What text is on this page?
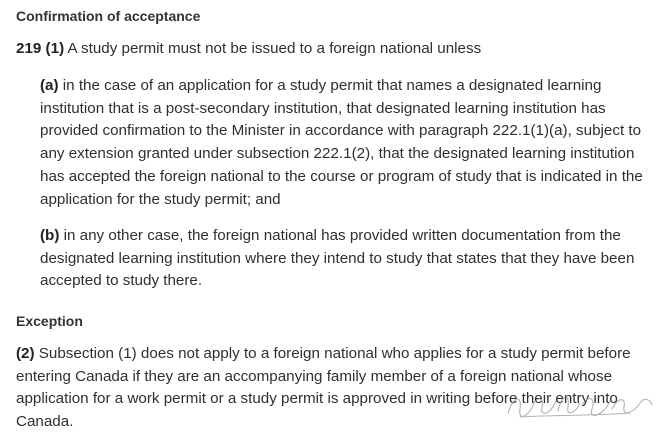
Confirmation of acceptance

219 (1) A study permit must not be issued to a foreign national unless

(a) in the case of an application for a study permit that names a designated learning institution that is a post-secondary institution, that designated learning institution has provided confirmation to the Minister in accordance with paragraph 222.1(1)(a), subject to any extension granted under subsection 222.1(2), that the designated learning institution has accepted the foreign national to the course or program of study that is indicated in the application for the study permit; and

(b) in any other case, the foreign national has provided written documentation from the designated learning institution where they intend to study that states that they have been accepted to study there.

Exception

(2) Subsection (1) does not apply to a foreign national who applies for a study permit before entering Canada if they are an accompanying family member of a foreign national whose application for a work permit or a study permit is approved in writing before their entry into Canada.
